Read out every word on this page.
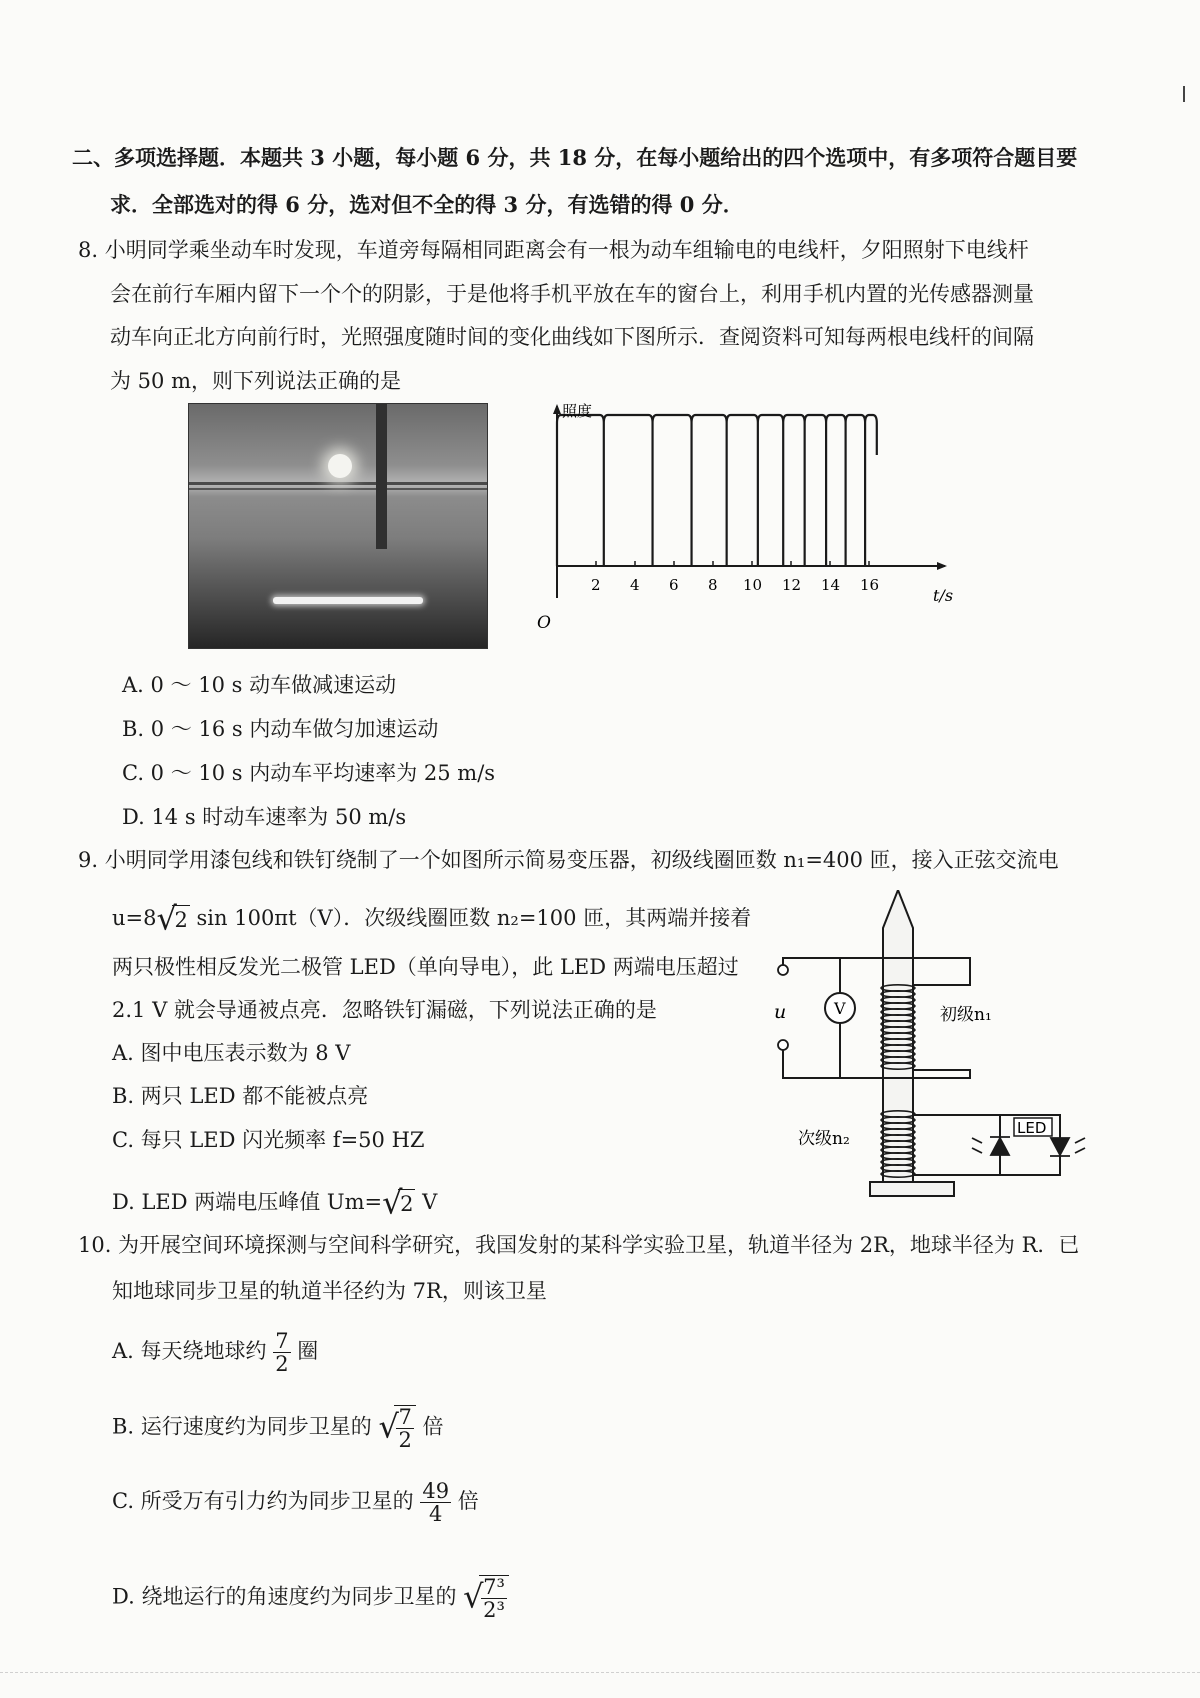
二、多项选择题．本题共 3 小题，每小题 6 分，共 18 分，在每小题给出的四个选项中，有多项符合题目要
求．全部选对的得 6 分，选对但不全的得 3 分，有选错的得 0 分．
8. 小明同学乘坐动车时发现，车道旁每隔相同距离会有一根为动车组输电的电线杆，夕阳照射下电线杆
会在前行车厢内留下一个个的阴影，于是他将手机平放在车的窗台上，利用手机内置的光传感器测量
动车向正北方向前行时，光照强度随时间的变化曲线如下图所示．查阅资料可知每两根电线杆的间隔
为 50 m，则下列说法正确的是
2 4 6 8 10 12 14 16
照度
t/s
O
A. 0 ～ 10 s 动车做减速运动
B. 0 ～ 16 s 内动车做匀加速运动
C. 0 ～ 10 s 内动车平均速率为 25 m/s
D. 14 s 时动车速率为 50 m/s
9. 小明同学用漆包线和铁钉绕制了一个如图所示简易变压器，初级线圈匝数 n₁=400 匝，接入正弦交流电
u=8 √ 2 sin 100πt（V）．次级线圈匝数 n₂=100 匝，其两端并接着
两只极性相反发光二极管 LED（单向导电），此 LED 两端电压超过
2.1 V 就会导通被点亮．忽略铁钉漏磁，下列说法正确的是
A. 图中电压表示数为 8 V
B. 两只 LED 都不能被点亮
C. 每只 LED 闪光频率 f=50 HZ
D. LED 两端电压峰值 Um= √ 2 V
V
u	初级n₁
次级n₂
LED
10. 为开展空间环境探测与空间科学研究，我国发射的某科学实验卫星，轨道半径为 2R，地球半径为 R．已
知地球同步卫星的轨道半径约为 7R，则该卫星
A. 每天绕地球约 $\frac{7}{2}$ 圈
B. 运行速度约为同步卫星的 √ $\frac{7}{2}$ 倍
C. 所受万有引力约为同步卫星的 $\frac{49}{4}$ 倍
D. 绕地运行的角速度约为同步卫星的 √ $\frac{\text{7³}}{\text{2³}}$
